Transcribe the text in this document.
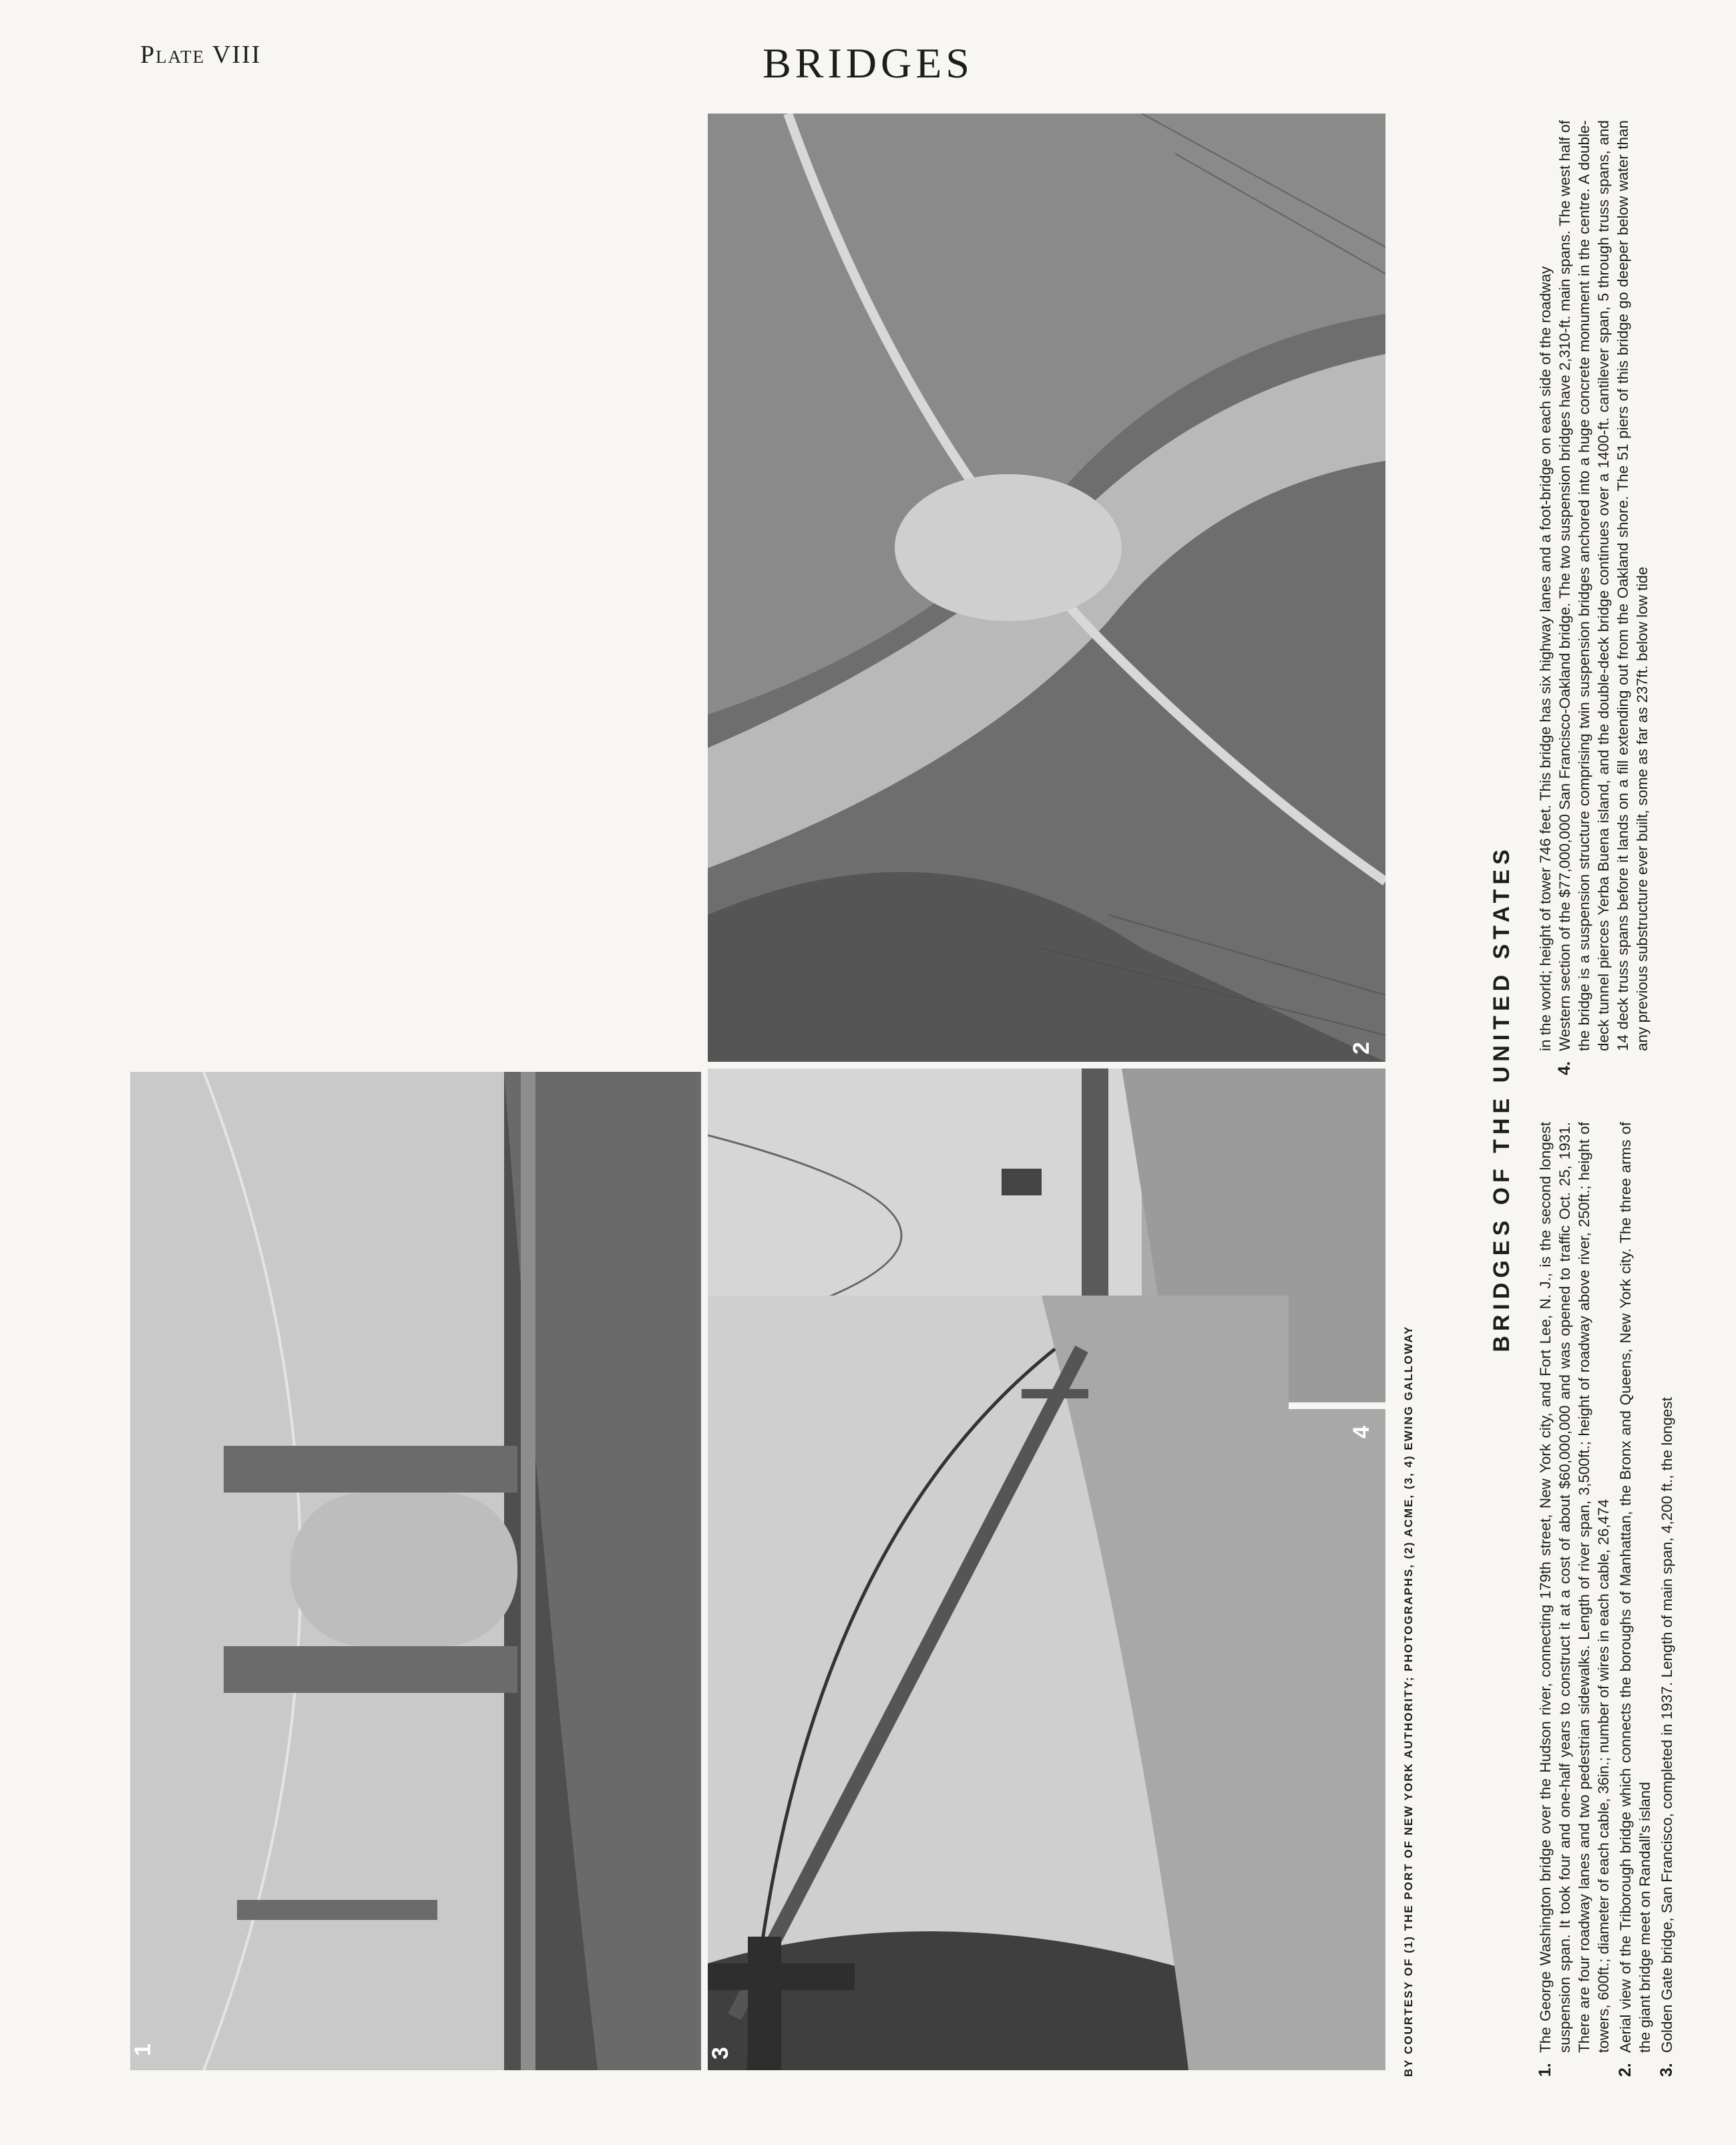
Plate VIII	BRIDGES
2
1
4 BY COURTESY OF (1) THE PORT OF NEW YORK AUTHORITY; PHOTOGRAPHS, (2) ACME, (3, 4) EWING GALLOWAY
BRIDGES OF THE UNITED STATES
1.
The George Washington bridge over the Hudson river, connecting 179th street, New York city, and Fort Lee, N. J., is the second longest suspension span. It took four and one-half years to construct it at a cost of about $60,000,000 and was opened to traffic Oct. 25, 1931. There are four roadway lanes and two pedestrian sidewalks. Length of river span, 3,500ft.; height of roadway above river, 250ft.; height of towers, 600ft.; diameter of each cable, 36in.; number of wires in each cable, 26,474
2.
Aerial view of the Triborough bridge which connects the boroughs of Manhattan, the Bronx and Queens, New York city. The three arms of the giant bridge meet on Randall's island
3.
Golden Gate bridge, San Francisco, completed in 1937. Length of main span, 4,200 ft., the longest
in the world; height of tower 746 feet. This bridge has six highway lanes and a foot-bridge on each side of the roadway
4.
Western section of the $77,000,000 San Francisco-Oakland bridge. The two suspension bridges have 2,310-ft. main spans. The west half of the bridge is a suspension structure comprising twin suspension bridges anchored into a huge concrete monument in the centre. A double-deck tunnel pierces Yerba Buena island, and the double-deck bridge continues over a 1400-ft. cantilever span, 5 through truss spans, and 14 deck truss spans before it lands on a fill extending out from the Oakland shore. The 51 piers of this bridge go deeper below water than any previous substructure ever built, some as far as 237ft. below low tide
3
